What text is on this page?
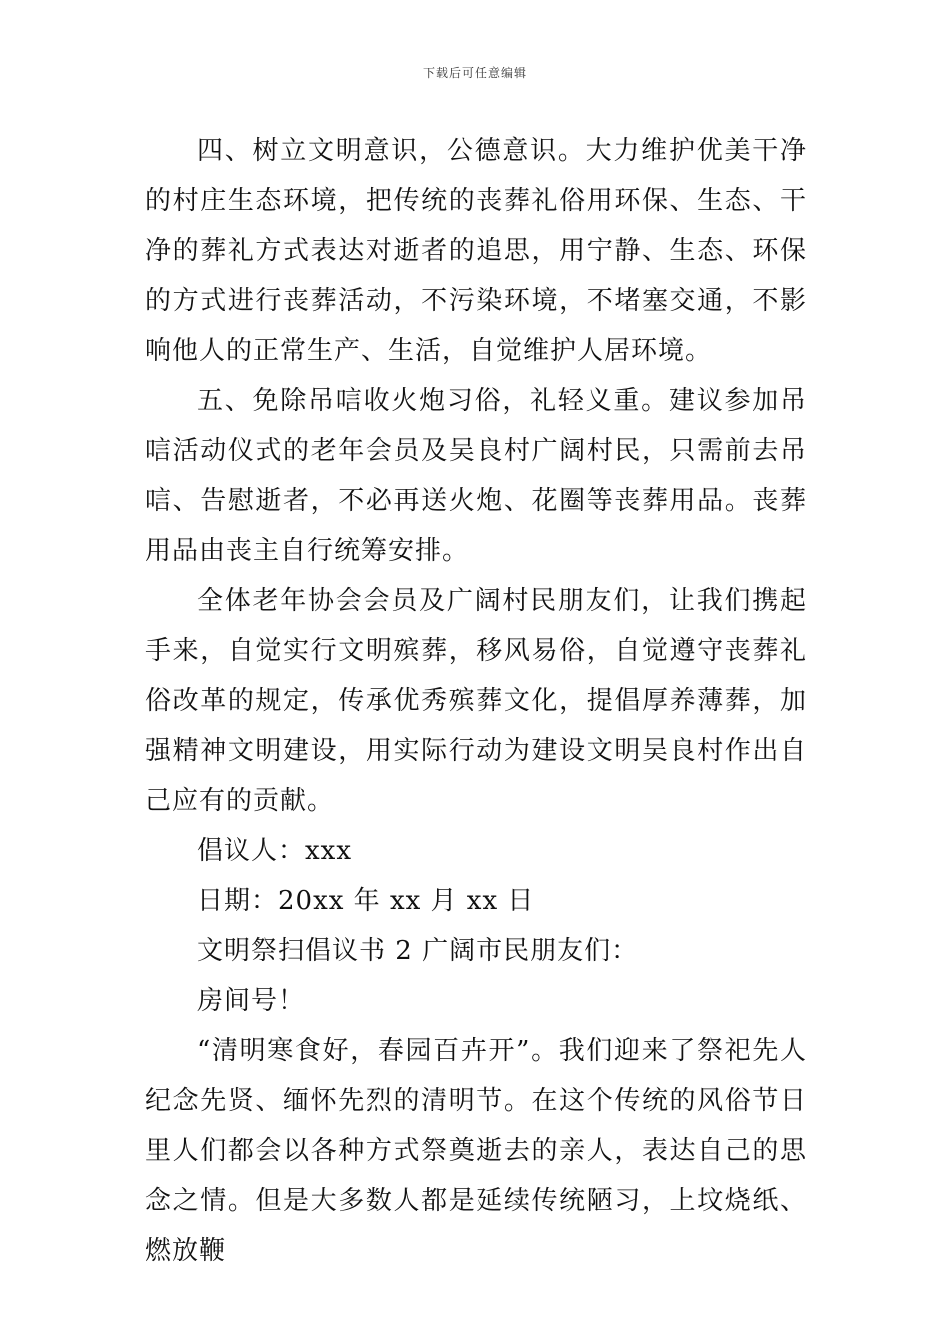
下载后可任意编辑

四、树立文明意识，公德意识。大力维护优美干净的村庄生态环境，把传统的丧葬礼俗用环保、生态、干净的葬礼方式表达对逝者的追思，用宁静、生态、环保的方式进行丧葬活动，不污染环境，不堵塞交通，不影响他人的正常生产、生活，自觉维护人居环境。

五、免除吊唁收火炮习俗，礼轻义重。建议参加吊唁活动仪式的老年会员及吴良村广阔村民，只需前去吊唁、告慰逝者，不必再送火炮、花圈等丧葬用品。丧葬用品由丧主自行统筹安排。

全体老年协会会员及广阔村民朋友们，让我们携起手来，自觉实行文明殡葬，移风易俗，自觉遵守丧葬礼俗改革的规定，传承优秀殡葬文化，提倡厚养薄葬，加强精神文明建设，用实际行动为建设文明吴良村作出自己应有的贡献。

倡议人：xxx

日期：20xx 年 xx 月 xx 日

文明祭扫倡议书 2 广阔市民朋友们：

房间号！

“清明寒食好，春园百卉开”。我们迎来了祭祀先人纪念先贤、缅怀先烈的清明节。在这个传统的风俗节日里人们都会以各种方式祭奠逝去的亲人，表达自己的思念之情。但是大多数人都是延续传统陋习，上坟烧纸、燃放鞭
